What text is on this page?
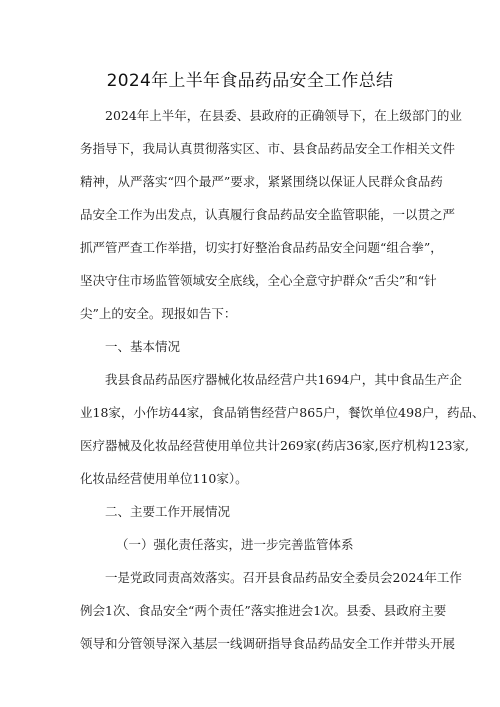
2024年上半年食品药品安全工作总结
2024年上半年，在县委、县政府的正确领导下，在上级部门的业
务指导下，我局认真贯彻落实区、市、县食品药品安全工作相关文件
精神，从严落实“四个最严”要求，紧紧围绕以保证人民群众食品药
品安全工作为出发点，认真履行食品药品安全监管职能，一以贯之严
抓严管严查工作举措，切实打好整治食品药品安全问题“组合拳”，
坚决守住市场监管领域安全底线，全心全意守护群众“舌尖”和“针
尖”上的安全。现报如告下：
一、基本情况
我县食品药品医疗器械化妆品经营户共1694户，其中食品生产企
业18家，小作坊44家，食品销售经营户865户，餐饮单位498户，药品、
医疗器械及化妆品经营使用单位共计269家(药店36家,医疗机构123家,
化妆品经营使用单位110家）。
二、主要工作开展情况
（一）强化责任落实，进一步完善监管体系
一是党政同责高效落实。召开县食品药品安全委员会2024年工作
例会1次、食品安全“两个责任”落实推进会1次。县委、县政府主要
领导和分管领导深入基层一线调研指导食品药品安全工作并带头开展
